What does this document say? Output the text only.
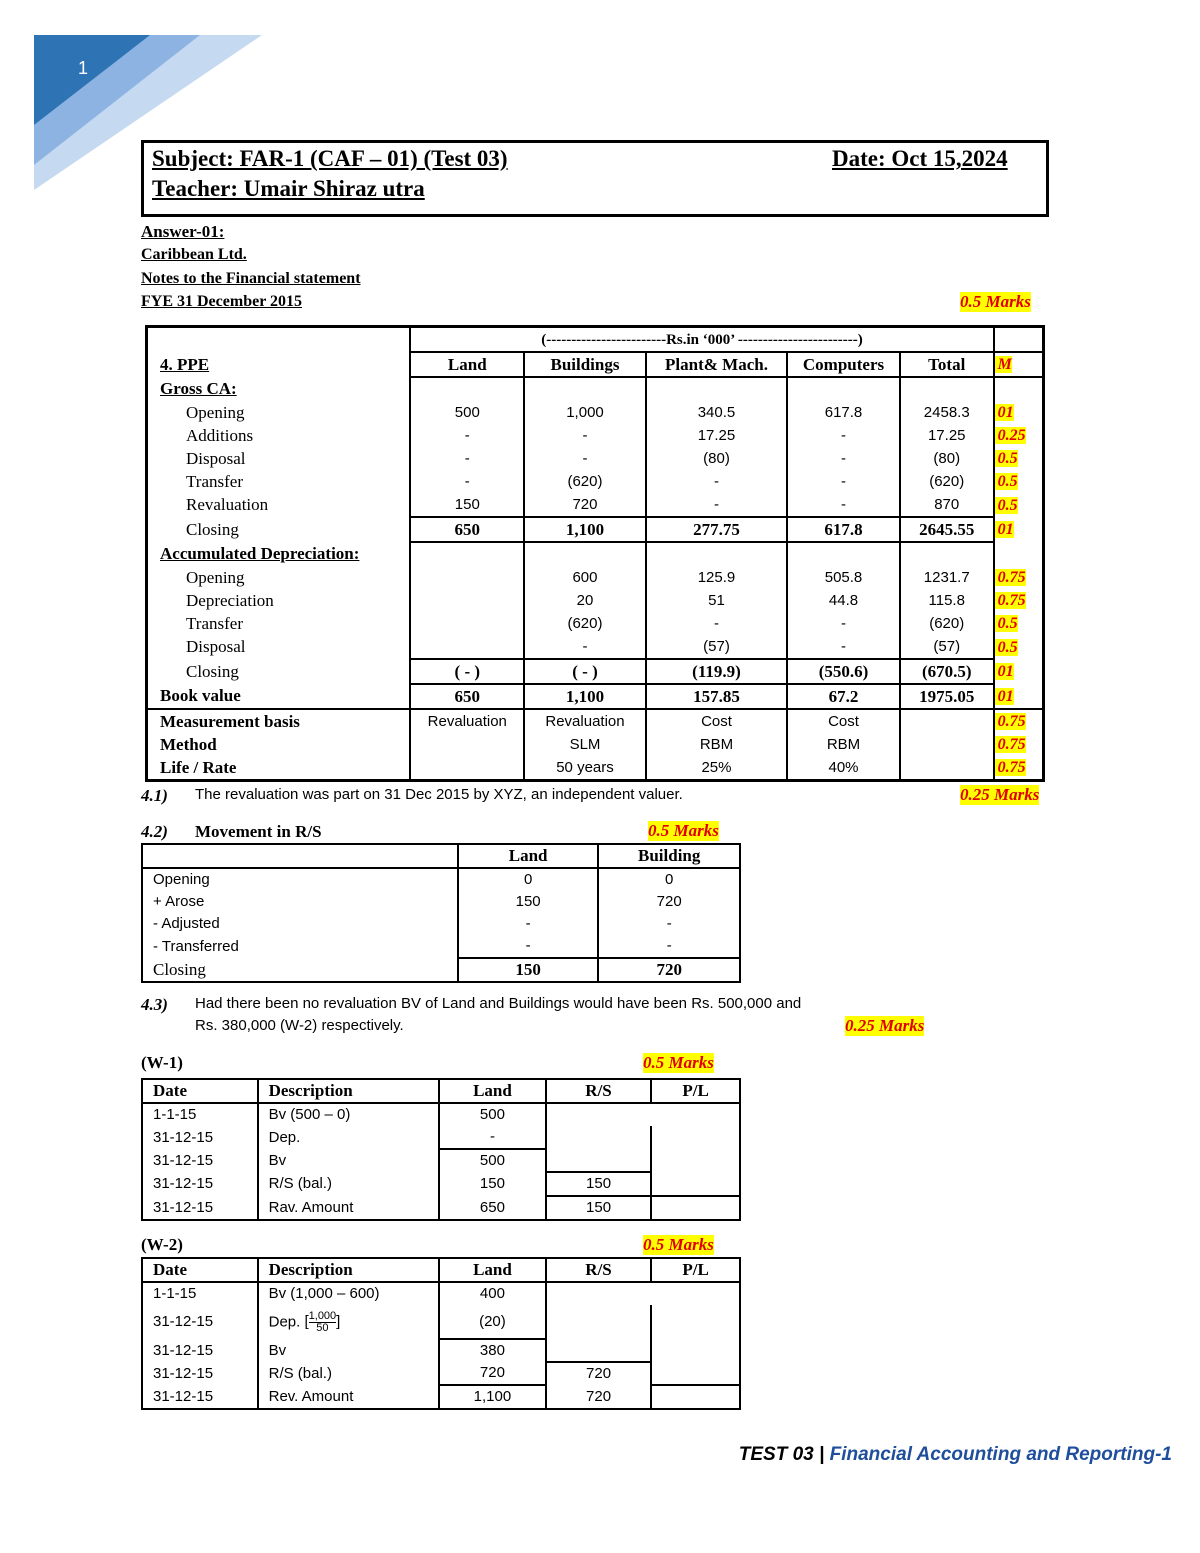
1
Subject: FAR-1 (CAF – 01) (Test 03)	Date: Oct 15,2024
Teacher: Umair Shiraz utra
Answer-01:
Caribbean Ltd.
Notes to the Financial statement
FYE 31 December 2015	0.5 Marks
	(------------------------Rs.in ‘000’ ------------------------)					
4. PPE	Land	Buildings	Plant& Mach.	Computers	Total	M
Gross CA:						
Opening	500	1,000	340.5	617.8	2458.3	01
Additions	-	-	17.25	-	17.25	0.25
Disposal	-	-	(80)	-	(80)	0.5
Transfer	-	(620)	-	-	(620)	0.5
Revaluation	150	720	-	-	870	0.5
Closing	650	1,100	277.75	617.8	2645.55	01
Accumulated Depreciation:						
Opening		600	125.9	505.8	1231.7	0.75
Depreciation		20	51	44.8	115.8	0.75
Transfer		(620)	-	-	(620)	0.5
Disposal		-	(57)	-	(57)	0.5
Closing	( - )	( - )	(119.9)	(550.6)	(670.5)	01
Book value	650	1,100	157.85	67.2	1975.05	01
Measurement basis	Revaluation	Revaluation	Cost	Cost		0.75
Method		SLM	RBM	RBM		0.75
Life / Rate		50 years	25%	40%		0.75
4.1) The revaluation was part on 31 Dec 2015 by XYZ, an independent valuer.	0.25 Marks
4.2) Movement in R/S	0.5 Marks
	Land	Building
Opening	0	0
+ Arose	150	720
- Adjusted	-	-
- Transferred	-	-
Closing	150	720
4.3) Had there been no revaluation BV of Land and Buildings would have been Rs. 500,000 and
Rs. 380,000 (W-2) respectively.	0.25 Marks
(W-1)	0.5 Marks
Date	Description	Land	R/S	P/L
1-1-15	Bv (500 – 0)	500		
31-12-15	Dep.	-		
31-12-15	Bv	500		
31-12-15	R/S (bal.)	150	150	
31-12-15	Rav. Amount	650	150	
(W-2)	0.5 Marks
Date	Description	Land	R/S	P/L
1-1-15	Bv (1,000 – 600)	400		
31-12-15	Dep. [ $\frac{1,000}{50}$ ]	(20)		
31-12-15	Bv	380		
31-12-15	R/S (bal.)	720	720	
31-12-15	Rev. Amount	1,100	720	
TEST 03 | Financial Accounting and Reporting-1
